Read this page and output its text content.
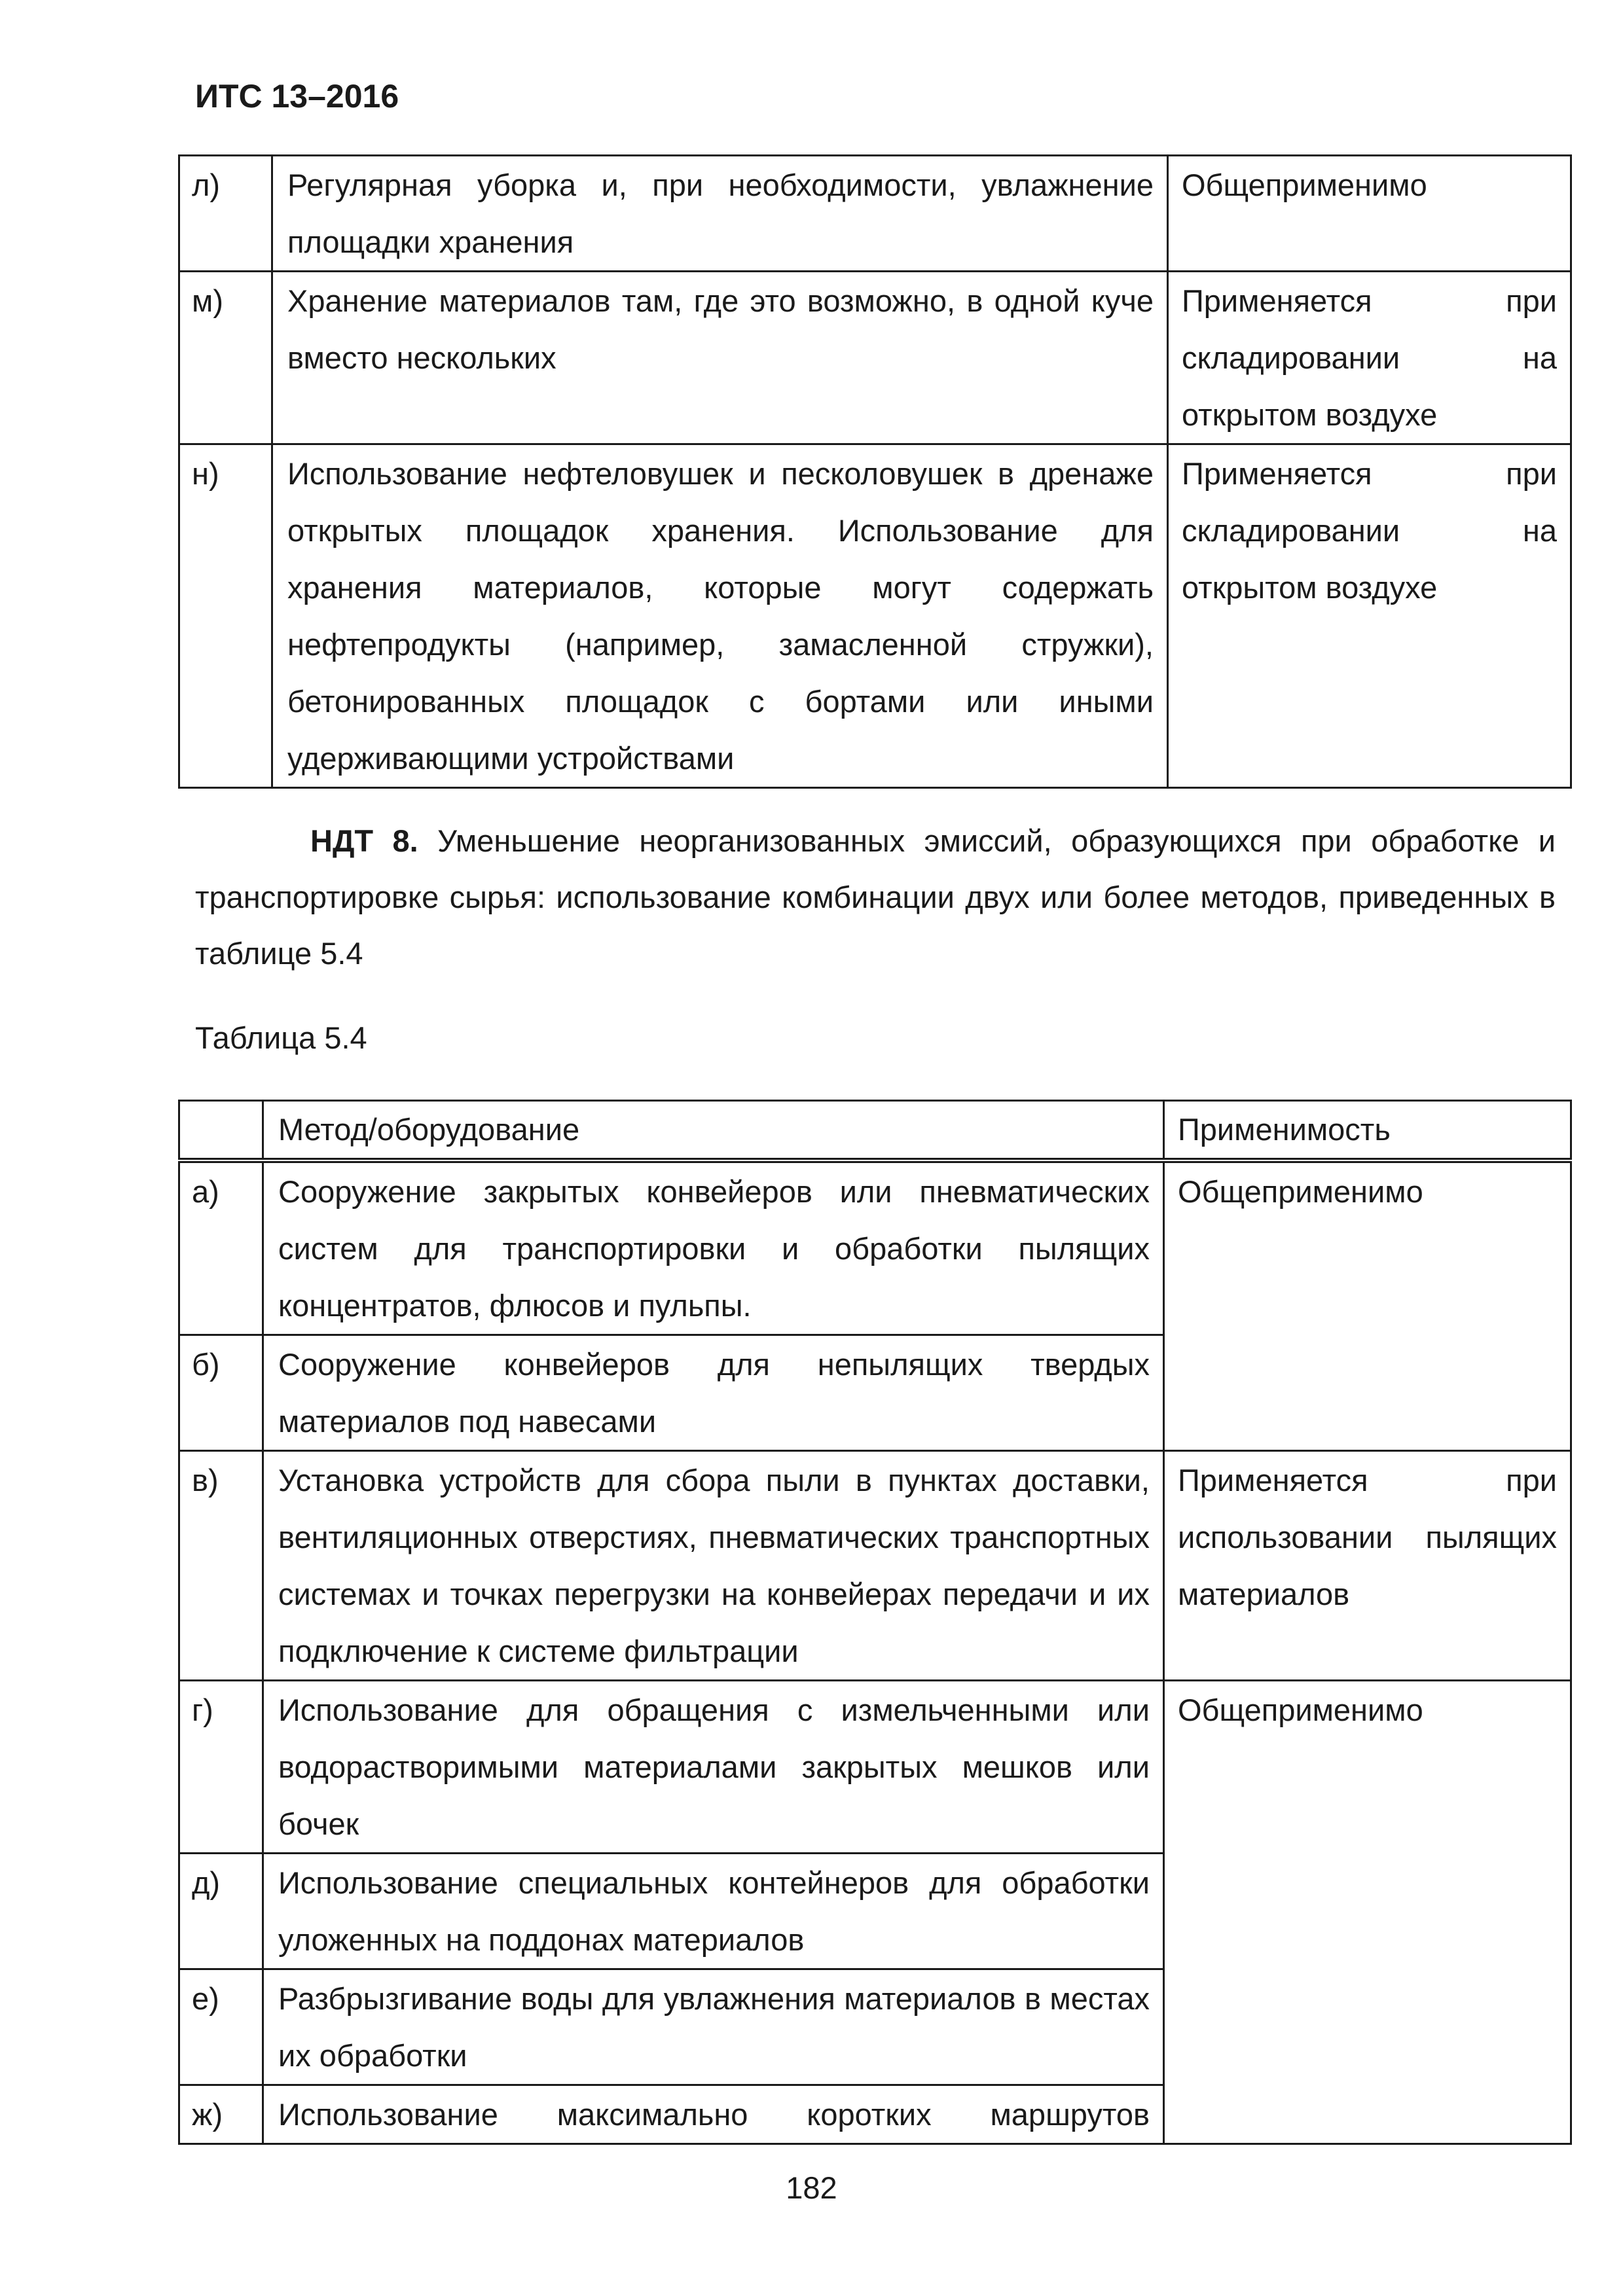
ИТС 13–2016
л)	Регулярная уборка и, при необходимости, увлажнение площадки хранения	Общеприменимо
м)	Хранение материалов там, где это возможно, в одной куче вместо нескольких	Применяется при складировании на открытом воздухе
н)	Использование нефтеловушек и песколовушек в дренаже открытых площадок хранения. Использование для хранения материалов, которые могут содержать нефтепродукты (например, замасленной стружки), бетонированных площадок с бортами или иными удерживающими устройствами	Применяется при складировании на открытом воздухе
НДТ 8. Уменьшение неорганизованных эмиссий, образующихся при обработке и транспортировке сырья: использование комбинации двух или более методов, приведенных в таблице 5.4
Таблица 5.4
	Метод/оборудование	Применимость
а)	Сооружение закрытых конвейеров или пневматических систем для транспортировки и обработки пылящих концентратов, флюсов и пульпы.	Общеприменимо
б)	Сооружение конвейеров для непылящих твердых материалов под навесами	
в)	Установка устройств для сбора пыли в пунктах доставки, вентиляционных отверстиях, пневматических транспортных системах и точках перегрузки на конвейерах передачи и их подключение к системе фильтрации	Применяется при использовании пылящих материалов
г)	Использование для обращения с измельченными или водорастворимыми материалами закрытых мешков или бочек	Общеприменимо
д)	Использование специальных контейнеров для обработки уложенных на поддонах материалов	
е)	Разбрызгивание воды для увлажнения материалов в местах их обработки	
ж)	Использование максимально коротких маршрутов	
182
